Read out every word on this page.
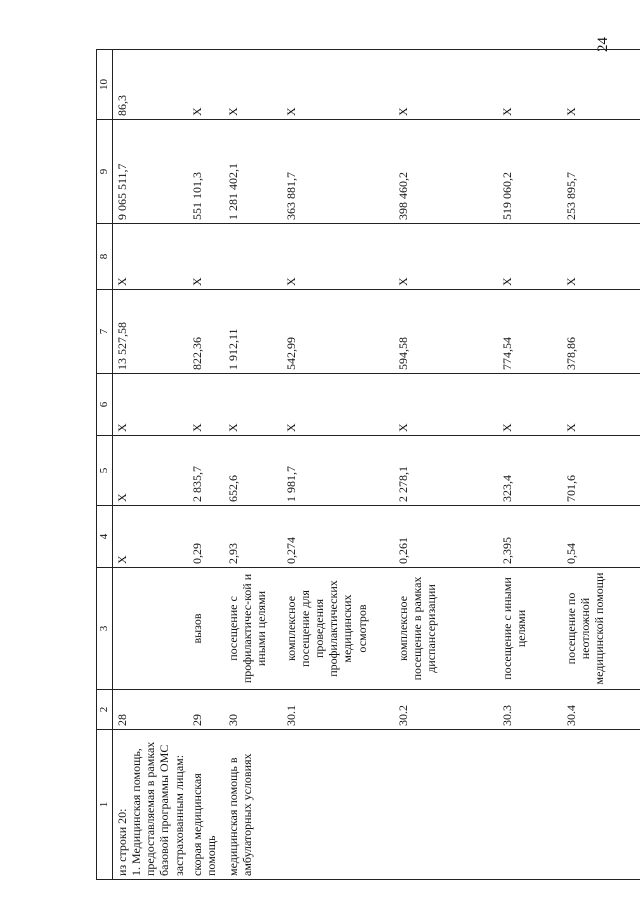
24
1	2	3	4	5	6	7	8	9	10
из строки 20:
1. Медицинская помощь, предоставляемая в рамках базовой программы ОМС застрахованным лицам:	28		X	X	X	13 527,58	X	9 065 511,7	86,3
скорая медицинская помощь	29	вызов	0,29	2 835,7	X	822,36	X	551 101,3	X
медицинская помощь в амбулаторных условиях	30	посещение с профилактичес-кой и иными целями	2,93	652,6	X	1 912,11		1 281 402,1	X
	30.1	комплексное посещение для проведения профилактических медицинских осмотров	0,274	1 981,7	X	542,99	X	363 881,7	X
	30.2	комплексное посещение в рамках диспансеризации	0,261	2 278,1	X	594,58	X	398 460,2	X
	30.3	посещение с иными целями	2,395	323,4	X	774,54	X	519 060,2	X
	30.4	посещение по неотложной медицинской помощи	0,54	701,6	X	378,86	X	253 895,7	X
